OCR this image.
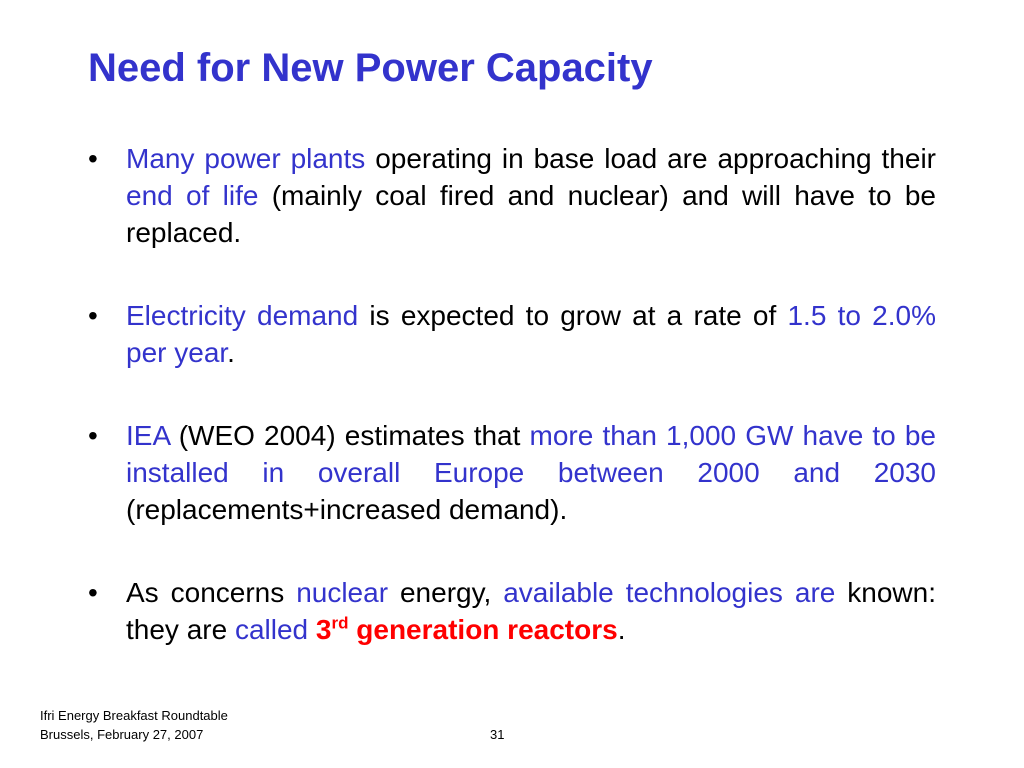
Need for New Power Capacity
• Many power plants operating in base load are approaching their end of life (mainly coal fired and nuclear) and will have to be replaced.
• Electricity demand is expected to grow at a rate of 1.5 to 2.0% per year.
• IEA (WEO 2004) estimates that more than 1,000 GW have to be installed in overall Europe between 2000 and 2030 (replacements+increased demand).
• As concerns nuclear energy, available technologies are known: they are called 3rd generation reactors.
Ifri Energy Breakfast Roundtable
Brussels, February 27, 2007	31
